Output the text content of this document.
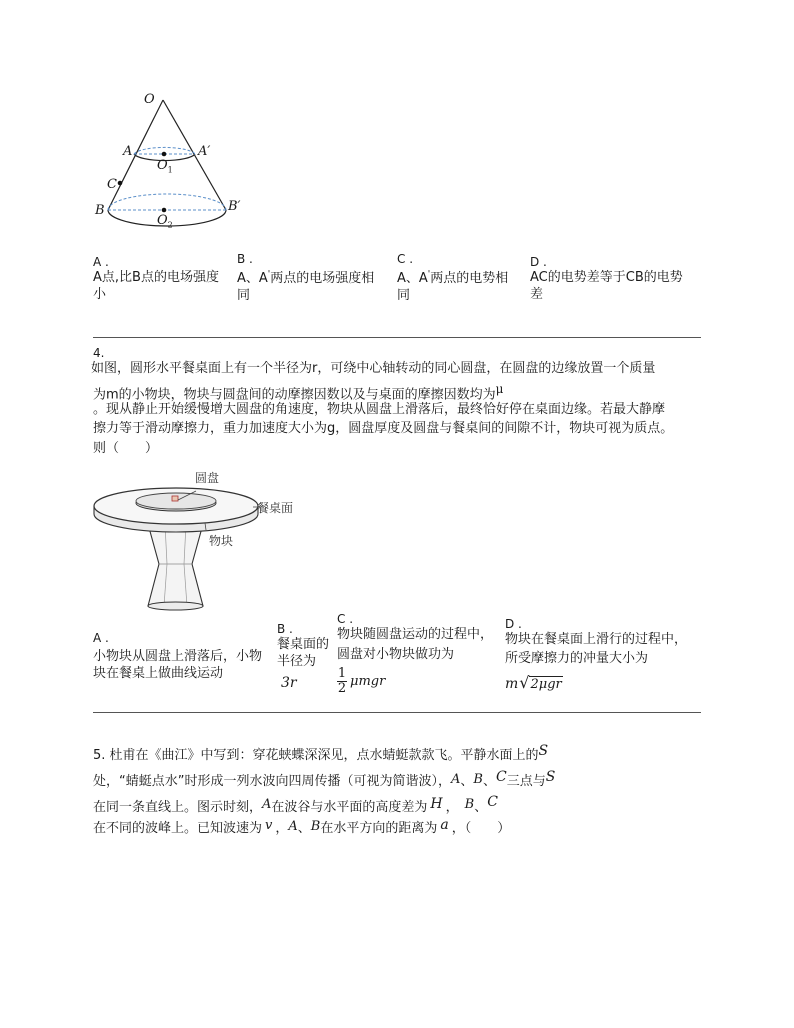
O
A	A′
$O_1$
C
B	B′
$O_2$
A .
A点,比B点的电场强度
小
B .
A、A'两点的电场强度相
同
C .
A、A'两点的电势相
同
D .
AC的电势差等于CB的电势
差
4.
如图，圆形水平餐桌面上有一个半径为r，可绕中心轴转动的同心圆盘，在圆盘的边缘放置一个质量
为m的小物块，物块与圆盘间的动摩擦因数以及与桌面的摩擦因数均为μ
。现从静止开始缓慢增大圆盘的角速度，物块从圆盘上滑落后，最终恰好停在桌面边缘。若最大静摩
擦力等于滑动摩擦力，重力加速度大小为g，圆盘厚度及圆盘与餐桌间的间隙不计，物块可视为质点。
则（　　）
圆盘
餐桌面
物块
A .
小物块从圆盘上滑落后，小物
块在餐桌上做曲线运动
B .
餐桌面的
半径为
3r
C .
物块随圆盘运动的过程中，
圆盘对小物块做功为
1
2 μmgr
D .
物块在餐桌面上滑行的过程中，
所受摩擦力的冲量大小为
m √ 2μgr
5. 杜甫在《曲江》中写到：穿花蛱蝶深深见，点水蜻蜓款款飞。平静水面上的S
处，“蜻蜓点水”时形成一列水波向四周传播（可视为简谐波），A、B、C三点与S
在同一条直线上。图示时刻，A在波谷与水平面的高度差为 H ， B、C
在不同的波峰上。已知波速为 v ，A、B在水平方向的距离为 a ，（　　）
